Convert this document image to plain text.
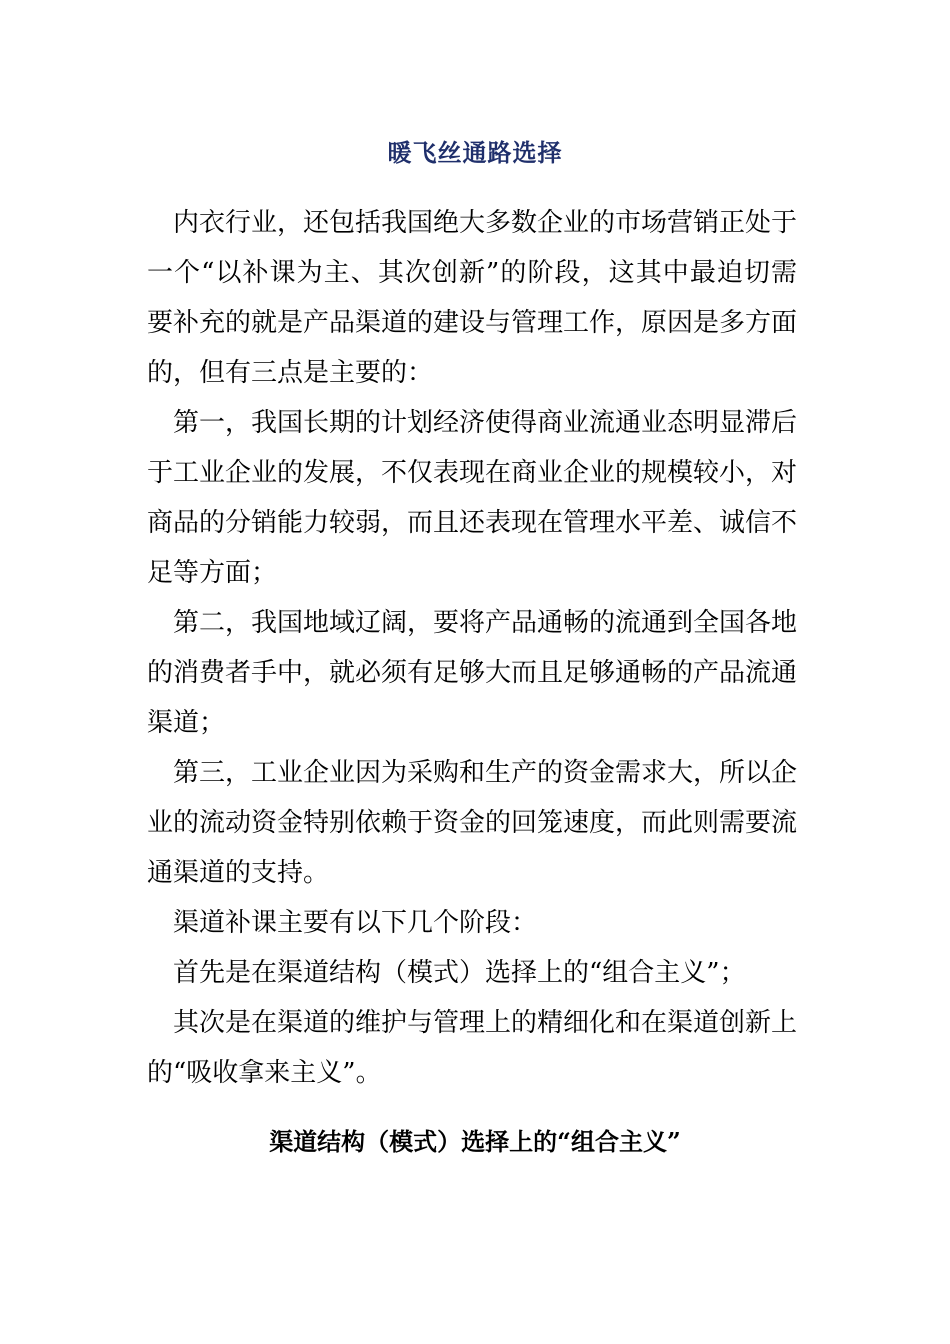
暖飞丝通路选择

内衣行业，还包括我国绝大多数企业的市场营销正处于一个“以补课为主、其次创新”的阶段，这其中最迫切需要补充的就是产品渠道的建设与管理工作，原因是多方面的，但有三点是主要的：

第一，我国长期的计划经济使得商业流通业态明显滞后于工业企业的发展，不仅表现在商业企业的规模较小，对商品的分销能力较弱，而且还表现在管理水平差、诚信不足等方面；

第二，我国地域辽阔，要将产品通畅的流通到全国各地的消费者手中，就必须有足够大而且足够通畅的产品流通渠道；

第三，工业企业因为采购和生产的资金需求大，所以企业的流动资金特别依赖于资金的回笼速度，而此则需要流通渠道的支持。

渠道补课主要有以下几个阶段：

首先是在渠道结构（模式）选择上的“组合主义”；

其次是在渠道的维护与管理上的精细化和在渠道创新上的“吸收拿来主义”。

渠道结构（模式）选择上的“组合主义”
